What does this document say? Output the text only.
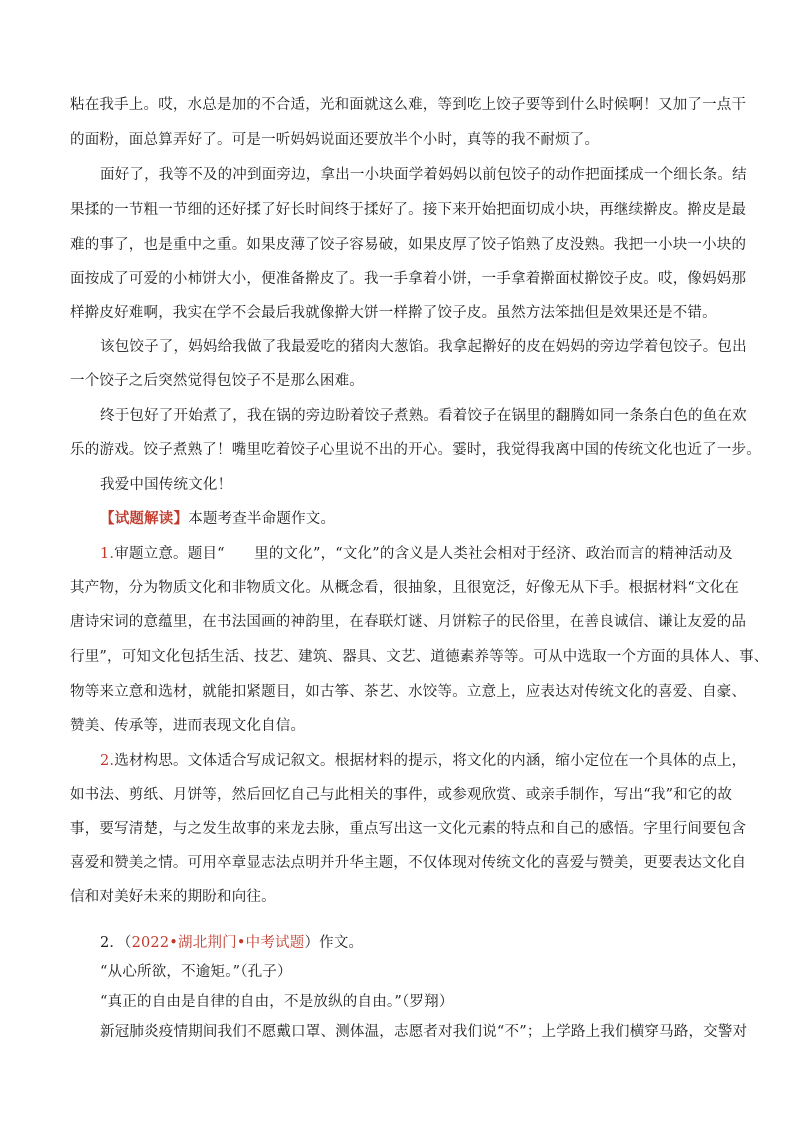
粘在我手上。哎，水总是加的不合适，光和面就这么难，等到吃上饺子要等到什么时候啊！又加了一点干
的面粉，面总算弄好了。可是一听妈妈说面还要放半个小时，真等的我不耐烦了。
面好了，我等不及的冲到面旁边，拿出一小块面学着妈妈以前包饺子的动作把面揉成一个细长条。结
果揉的一节粗一节细的还好揉了好长时间终于揉好了。接下来开始把面切成小块，再继续擀皮。擀皮是最
难的事了，也是重中之重。如果皮薄了饺子容易破，如果皮厚了饺子馅熟了皮没熟。我把一小块一小块的
面按成了可爱的小柿饼大小，便准备擀皮了。我一手拿着小饼，一手拿着擀面杖擀饺子皮。哎，像妈妈那
样擀皮好难啊，我实在学不会最后我就像擀大饼一样擀了饺子皮。虽然方法笨拙但是效果还是不错。
该包饺子了，妈妈给我做了我最爱吃的猪肉大葱馅。我拿起擀好的皮在妈妈的旁边学着包饺子。包出
一个饺子之后突然觉得包饺子不是那么困难。
终于包好了开始煮了，我在锅的旁边盼着饺子煮熟。看着饺子在锅里的翻腾如同一条条白色的鱼在欢
乐的游戏。饺子煮熟了！嘴里吃着饺子心里说不出的开心。霎时，我觉得我离中国的传统文化也近了一步。
我爱中国传统文化！
【试题解读】本题考查半命题作文。
1.审题立意。题目“　　里的文化”，“文化”的含义是人类社会相对于经济、政治而言的精神活动及
其产物，分为物质文化和非物质文化。从概念看，很抽象，且很宽泛，好像无从下手。根据材料“文化在
唐诗宋词的意蕴里，在书法国画的神韵里，在春联灯谜、月饼粽子的民俗里，在善良诚信、谦让友爱的品
行里”，可知文化包括生活、技艺、建筑、器具、文艺、道德素养等等。可从中选取一个方面的具体人、事、
物等来立意和选材，就能扣紧题目，如古筝、茶艺、水饺等。立意上，应表达对传统文化的喜爱、自豪、
赞美、传承等，进而表现文化自信。
2.选材构思。文体适合写成记叙文。根据材料的提示，将文化的内涵，缩小定位在一个具体的点上，
如书法、剪纸、月饼等，然后回忆自己与此相关的事件，或参观欣赏、或亲手制作，写出“我”和它的故
事，要写清楚，与之发生故事的来龙去脉，重点写出这一文化元素的特点和自己的感悟。字里行间要包含
喜爱和赞美之情。可用卒章显志法点明并升华主题，不仅体现对传统文化的喜爱与赞美，更要表达文化自
信和对美好未来的期盼和向往。
2．（2022•湖北荆门•中考试题）作文。
“从心所欲，不逾矩。”（孔子）
“真正的自由是自律的自由，不是放纵的自由。”（罗翔）
新冠肺炎疫情期间我们不愿戴口罩、测体温，志愿者对我们说“不”；上学路上我们横穿马路，交警对
